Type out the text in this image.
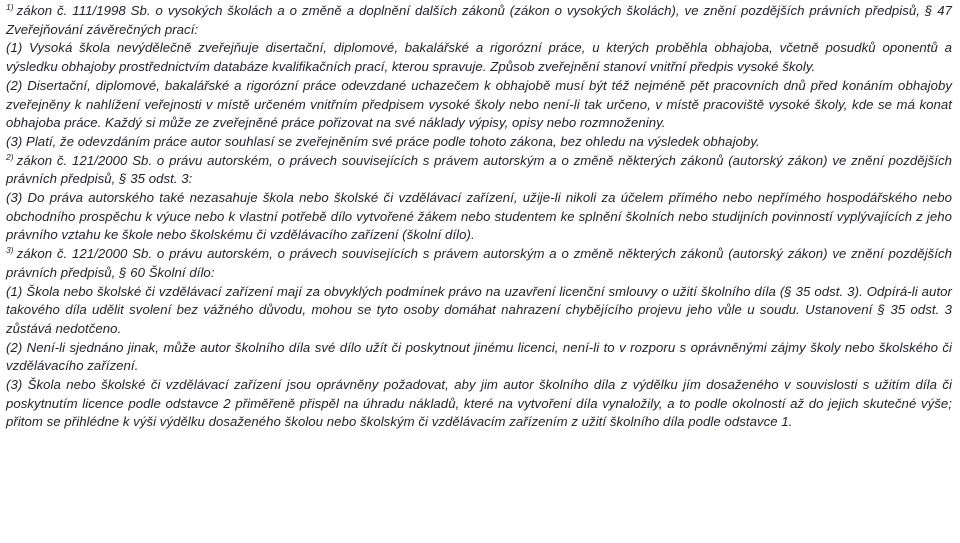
$^{1)}$ zákon č. 111/1998 Sb. o vysokých školách a o změně a doplnění dalších zákonů (zákon o vysokých školách), ve znění pozdějších právních předpisů, § 47 Zveřejňování závěrečných prací:

(1) Vysoká škola nevýdělečně zveřejňuje disertační, diplomové, bakalářské a rigorózní práce, u kterých proběhla obhajoba, včetně posudků oponentů a výsledku obhajoby prostřednictvím databáze kvalifikačních prací, kterou spravuje. Způsob zveřejnění stanoví vnitřní předpis vysoké školy.

(2) Disertační, diplomové, bakalářské a rigorózní práce odevzdané uchazečem k obhajobě musí být též nejméně pět pracovních dnů před konáním obhajoby zveřejněny k nahlížení veřejnosti v místě určeném vnitřním předpisem vysoké školy nebo není-li tak určeno, v místě pracoviště vysoké školy, kde se má konat obhajoba práce. Každý si může ze zveřejněné práce pořizovat na své náklady výpisy, opisy nebo rozmnoženiny.

(3) Platí, že odevzdáním práce autor souhlasí se zveřejněním své práce podle tohoto zákona, bez ohledu na výsledek obhajoby.

$^{2)}$ zákon č. 121/2000 Sb. o právu autorském, o právech souvisejících s právem autorským a o změně některých zákonů (autorský zákon) ve znění pozdějších právních předpisů, § 35 odst. 3:

(3) Do práva autorského také nezasahuje škola nebo školské či vzdělávací zařízení, užije-li nikoli za účelem přímého nebo nepřímého hospodářského nebo obchodního prospěchu k výuce nebo k vlastní potřebě dílo vytvořené žákem nebo studentem ke splnění školních nebo studijních povinností vyplývajících z jeho právního vztahu ke škole nebo školskému či vzdělávacího zařízení (školní dílo).

$^{3)}$ zákon č. 121/2000 Sb. o právu autorském, o právech souvisejících s právem autorským a o změně některých zákonů (autorský zákon) ve znění pozdějších právních předpisů, § 60 Školní dílo:

(1) Škola nebo školské či vzdělávací zařízení mají za obvyklých podmínek právo na uzavření licenční smlouvy o užití školního díla (§ 35 odst. 3). Odpírá-li autor takového díla udělit svolení bez vážného důvodu, mohou se tyto osoby domáhat nahrazení chybějícího projevu jeho vůle u soudu. Ustanovení § 35 odst. 3 zůstává nedotčeno.

(2) Není-li sjednáno jinak, může autor školního díla své dílo užít či poskytnout jinému licenci, není-li to v rozporu s oprávněnými zájmy školy nebo školského či vzdělávacího zařízení.

(3) Škola nebo školské či vzdělávací zařízení jsou oprávněny požadovat, aby jim autor školního díla z výdělku jím dosaženého v souvislosti s užitím díla či poskytnutím licence podle odstavce 2 přiměřeně přispěl na úhradu nákladů, které na vytvoření díla vynaložily, a to podle okolností až do jejich skutečné výše; přitom se přihlédne k výši výdělku dosaženého školou nebo školským či vzdělávacím zařízením z užití školního díla podle odstavce 1.
